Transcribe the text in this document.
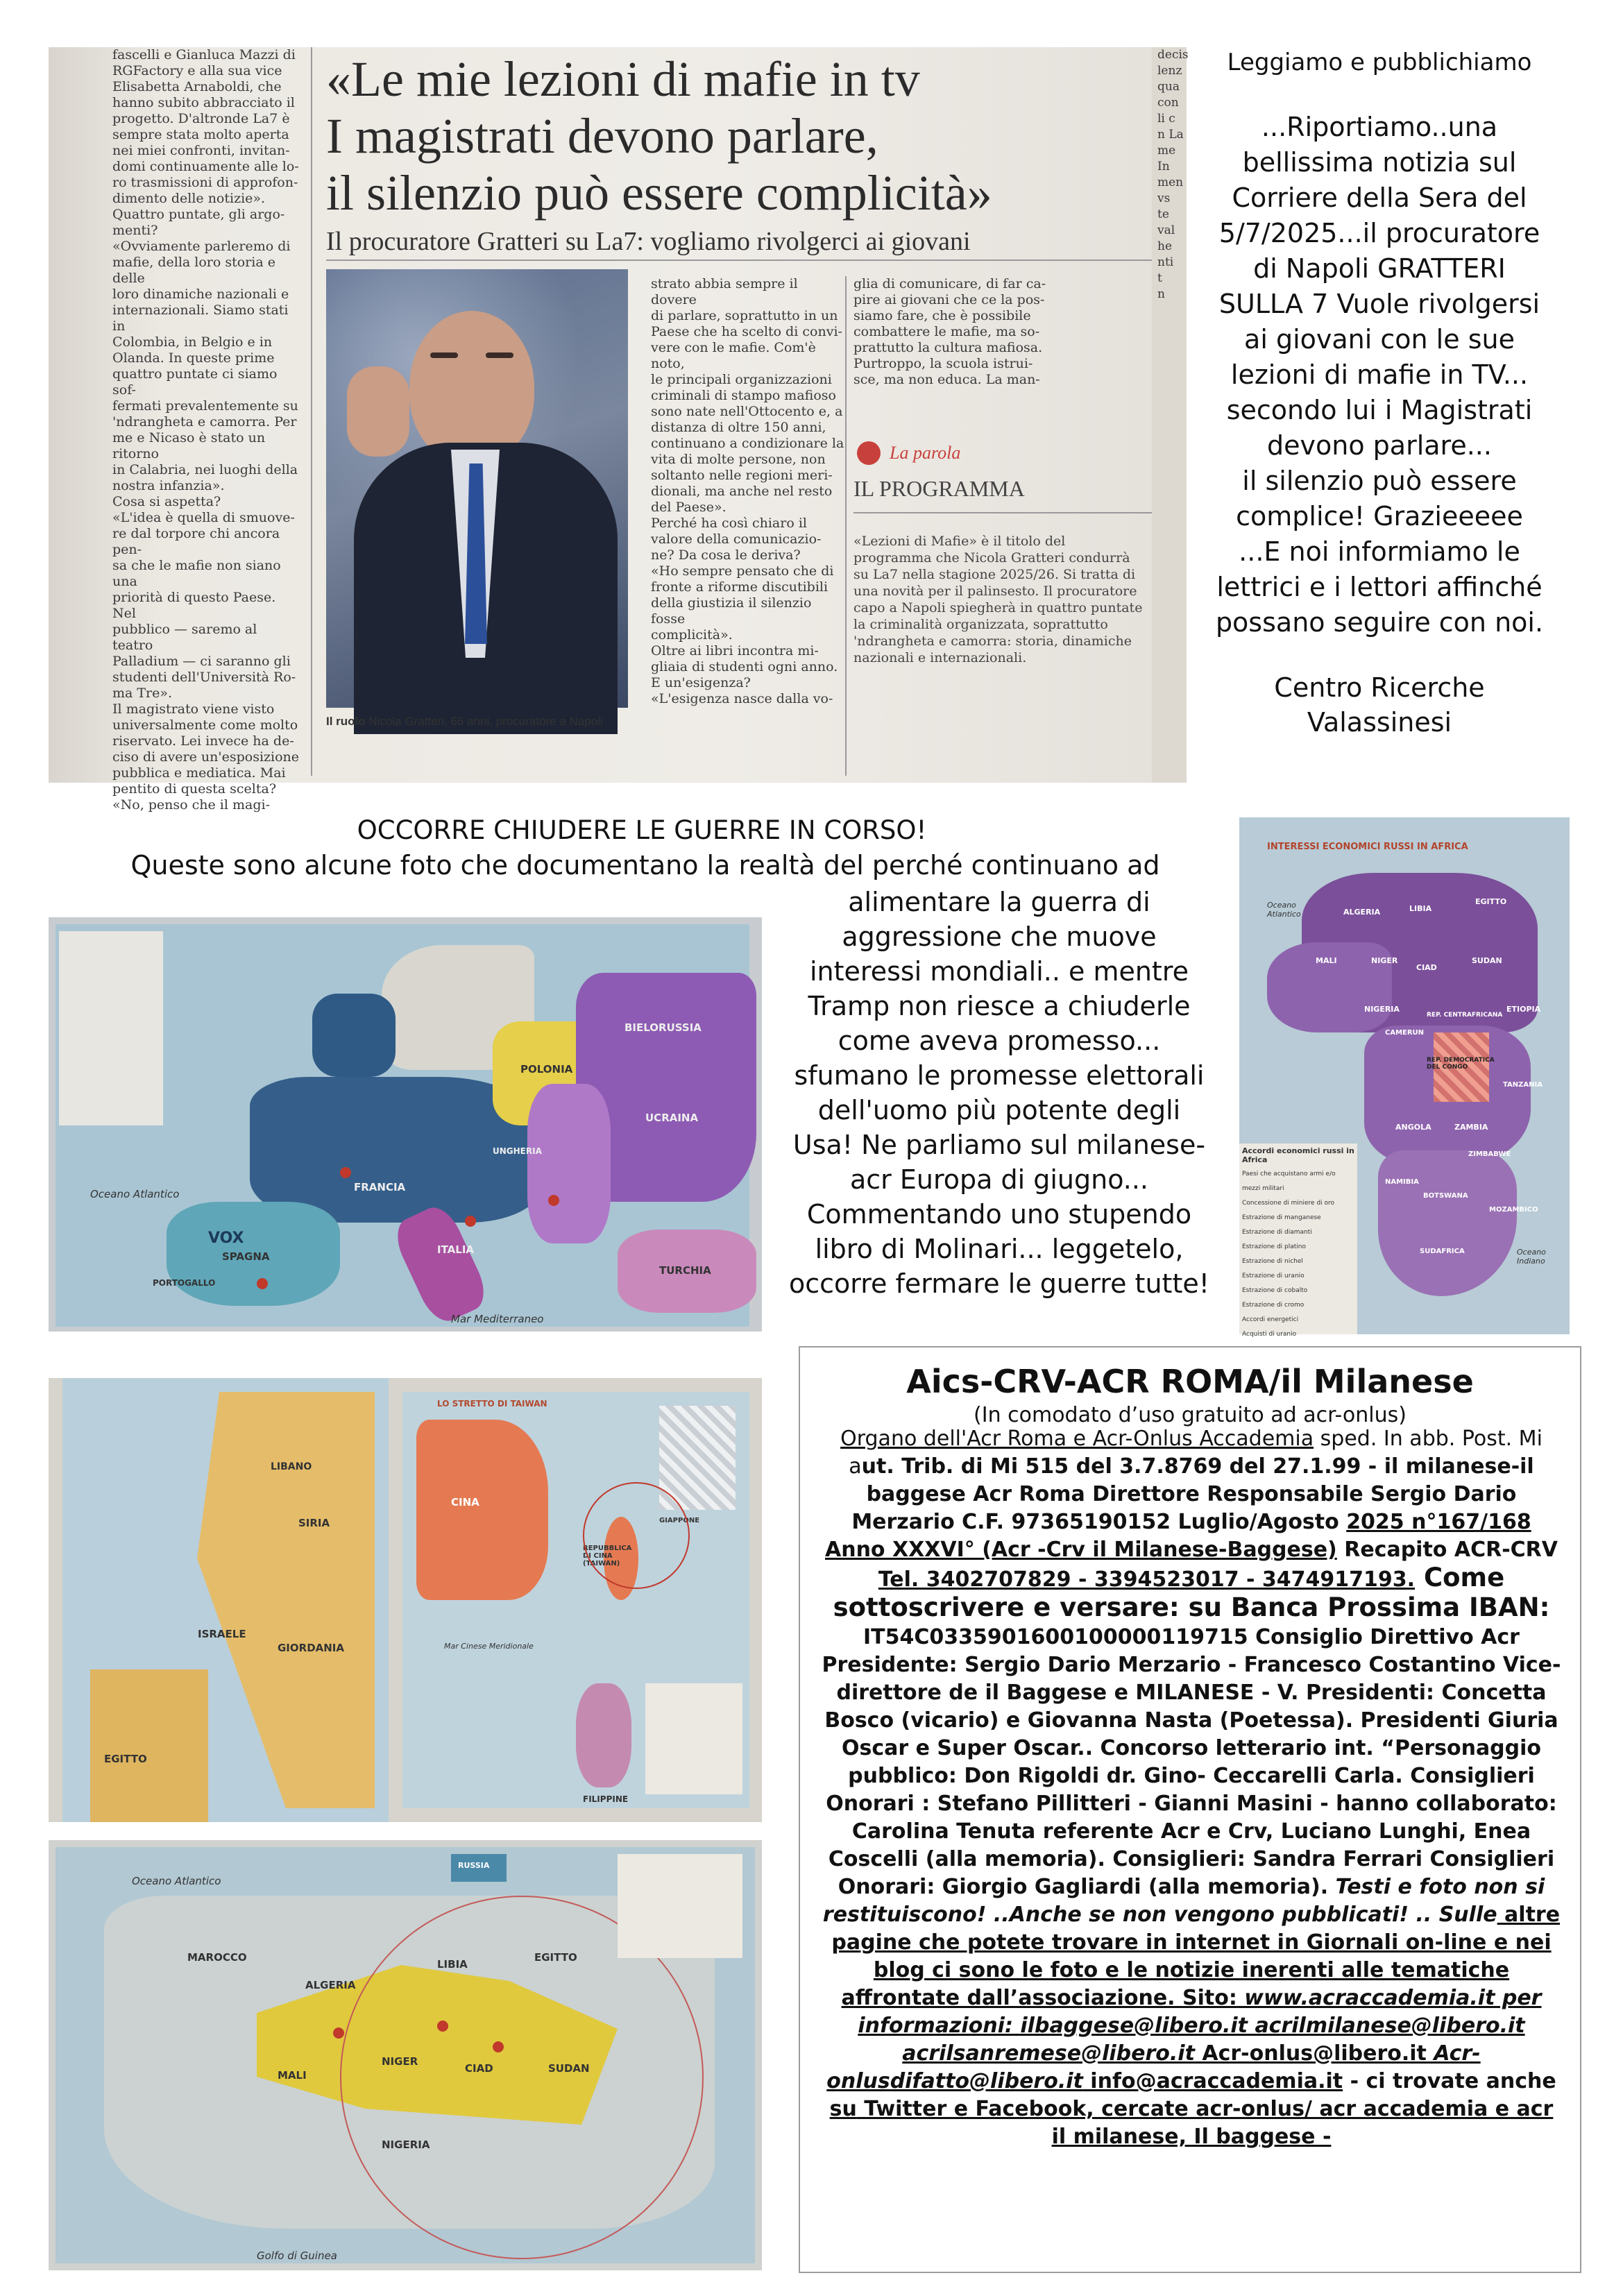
fascelli e Gianluca Mazzi di
RGFactory e alla sua vice
Elisabetta Arnaboldi, che
hanno subito abbracciato il
progetto. D'altronde La7 è
sempre stata molto aperta
nei miei confronti, invitan-
domi continuamente alle lo-
ro trasmissioni di approfon-
dimento delle notizie».
Quattro puntate, gli argo-
menti?
«Ovviamente parleremo di
mafie, della loro storia e delle
loro dinamiche nazionali e
internazionali. Siamo stati in
Colombia, in Belgio e in
Olanda. In queste prime
quattro puntate ci siamo sof-
fermati prevalentemente su
'ndrangheta e camorra. Per
me e Nicaso è stato un ritorno
in Calabria, nei luoghi della
nostra infanzia».
Cosa si aspetta?
«L'idea è quella di smuove-
re dal torpore chi ancora pen-
sa che le mafie non siano una
priorità di questo Paese. Nel
pubblico — saremo al teatro
Palladium — ci saranno gli
studenti dell'Università Ro-
ma Tre».
Il magistrato viene visto
universalmente come molto
riservato. Lei invece ha de-
ciso di avere un'esposizione
pubblica e mediatica. Mai
pentito di questa scelta?
«No, penso che il magi-
«Le mie lezioni di mafie in tv
I magistrati devono parlare,
il silenzio può essere complicità»
Il procuratore Gratteri su La7: vogliamo rivolgerci ai giovani
Il ruolo Nicola Gratteri, 66 anni, procuratore a Napoli
strato abbia sempre il dovere
di parlare, soprattutto in un
Paese che ha scelto di convi-
vere con le mafie. Com'è noto,
le principali organizzazioni
criminali di stampo mafioso
sono nate nell'Ottocento e, a
distanza di oltre 150 anni,
continuano a condizionare la
vita di molte persone, non
soltanto nelle regioni meri-
dionali, ma anche nel resto
del Paese».
Perché ha così chiaro il
valore della comunicazio-
ne? Da cosa le deriva?
«Ho sempre pensato che di
fronte a riforme discutibili
della giustizia il silenzio fosse
complicità».
Oltre ai libri incontra mi-
gliaia di studenti ogni anno.
E un'esigenza?
«L'esigenza nasce dalla vo-
glia di comunicare, di far ca-
pire ai giovani che ce la pos-
siamo fare, che è possibile
combattere le mafie, ma so-
prattutto la cultura mafiosa.
Purtroppo, la scuola istrui-
sce, ma non educa. La man-
La parola
IL PROGRAMMA
«Lezioni di Mafie» è il titolo del
programma che Nicola Gratteri condurrà
su La7 nella stagione 2025/26. Si tratta di
una novità per il palinsesto. Il procuratore
capo a Napoli spiegherà in quattro puntate
la criminalità organizzata, soprattutto
'ndrangheta e camorra: storia, dinamiche
nazionali e internazionali.
decis
lenz
qua
con
li c
n La
me
In
men
vs
te
val
he
nti
t
n
Leggiamo e pubblichiamo
...Riportiamo..una
bellissima notizia sul
Corriere della Sera del
5/7/2025...il procuratore
di Napoli GRATTERI
SULLA 7 Vuole rivolgersi
ai giovani con le sue
lezioni di mafie in TV...
secondo lui i Magistrati
devono parlare...
il silenzio può essere
complice! Grazieeeee
...E noi informiamo le
lettrici e i lettori affinché
possano seguire con noi.
Centro Ricerche
Valassinesi
OCCORRE CHIUDERE LE GUERRE IN CORSO!
Queste sono alcune foto che documentano la realtà del perché continuano ad
alimentare la guerra di
aggressione che muove
interessi mondiali.. e mentre
Tramp non riesce a chiuderle
come aveva promesso...
sfumano le promesse elettorali
dell'uomo più potente degli
Usa! Ne parliamo sul milanese-
acr Europa di giugno...
Commentando uno stupendo
libro di Molinari... leggetelo,
occorre fermare le guerre tutte!
VOX
SPAGNA
FRANCIA
POLONIA
UCRAINA
BIELORUSSIA
Oceano Atlantico
TURCHIA
Mar Mediterraneo
PORTOGALLO
ITALIA
UNGHERIA
INTERESSI ECONOMICI RUSSI IN AFRICA
Accordi economici russi in Africa
Paesi che acquistano armi e/o mezzi militari
Concessione di miniere di oro
Estrazione di manganese
Estrazione di diamanti
Estrazione di platino
Estrazione di nichel
Estrazione di uranio
Estrazione di cobalto
Estrazione di cromo
Accordi energetici
Acquisti di uranio
ALGERIA	LIBIA
EGITTO
MALI	NIGER
CIAD
SUDAN
ETIOPIA
NIGERIA
CAMERUN
REP. CENTRAFRICANA
REP. DEMOCRATICA DEL CONGO
TANZANIA
ANGOLA	ZAMBIA
ZIMBABWE
NAMIBIA
BOTSWANA
MOZAMBICO
SUDAFRICA
Oceano Atlantico
Oceano Indiano
LIBANO
SIRIA
GIORDANIA
ISRAELE
EGITTO
LO STRETTO DI TAIWAN
CINA
REPUBBLICA DI CINA (TAIWAN)
FILIPPINE
Mar Cinese Meridionale
GIAPPONE
RUSSIA
MAROCCO
ALGERIA
LIBIA
EGITTO
MALI
NIGER
CIAD	SUDAN
NIGERIA
Oceano Atlantico
Golfo di Guinea
Aics-CRV-ACR ROMA/il Milanese
(In comodato d’uso gratuito ad acr-onlus)
Organo dell'Acr Roma e Acr-Onlus Accademia sped. In abb. Post. Mi aut. Trib. di Mi 515 del 3.7.8769 del 27.1.99 - il milanese-il baggese Acr Roma Direttore Responsabile Sergio Dario Merzario C.F. 97365190152 Luglio/Agosto 2025 n°167/168 Anno XXXVI° (Acr -Crv il Milanese-Baggese) Recapito ACR-CRV Tel. 3402707829 - 3394523017 - 3474917193. Come sottoscrivere e versare: su Banca Prossima IBAN: IT54C0335901600100000119715 Consiglio Direttivo Acr Presidente: Sergio Dario Merzario - Francesco Costantino Vice-direttore de il Baggese e MILANESE - V. Presidenti: Concetta Bosco (vicario) e Giovanna Nasta (Poetessa). Presidenti Giuria Oscar e Super Oscar.. Concorso letterario int. “Personaggio pubblico: Don Rigoldi dr. Gino- Ceccarelli Carla. Consiglieri Onorari : Stefano Pillitteri - Gianni Masini - hanno collaborato: Carolina Tenuta referente Acr e Crv, Luciano Lunghi, Enea Coscelli (alla memoria). Consiglieri: Sandra Ferrari Consiglieri Onorari: Giorgio Gagliardi (alla memoria). Testi e foto non si restituiscono! ..Anche se non vengono pubblicati! .. Sulle altre pagine che potete trovare in internet in Giornali on-line e nei blog ci sono le foto e le notizie inerenti alle tematiche affrontate dall’associazione. Sito: www.acraccademia.it per informazioni: ilbaggese@libero.it acrilmilanese@libero.it acrilsanremese@libero.it Acr-onlus@libero.it Acr-onlusdifatto@libero.it info@acraccademia.it - ci trovate anche su Twitter e Facebook, cercate acr-onlus/ acr accademia e acr il milanese, Il baggese -
